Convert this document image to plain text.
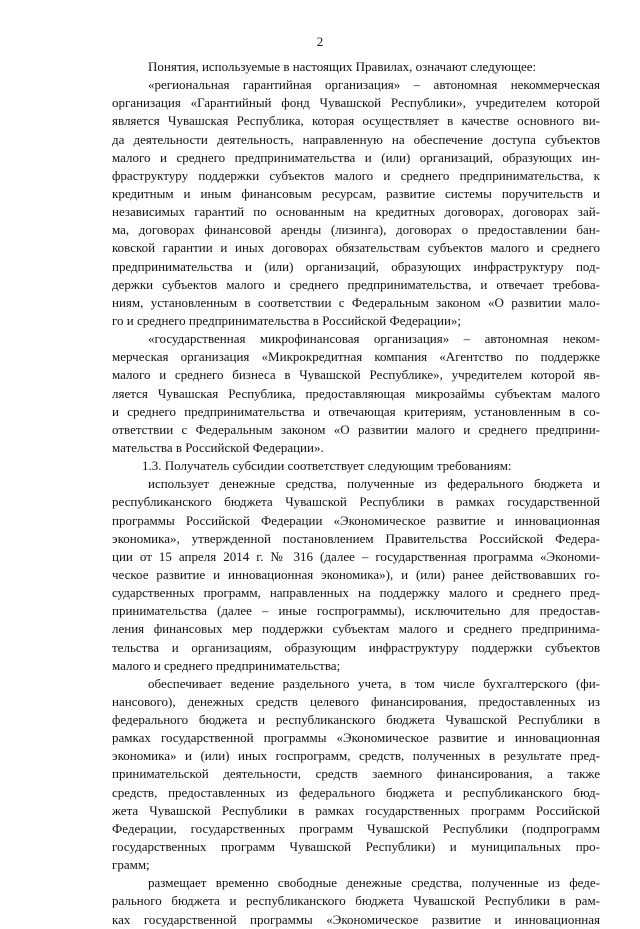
2
Понятия, используемые в настоящих Правилах, означают следующее:
«региональная гарантийная организация» – автономная некоммерческая
организация «Гарантийный фонд Чувашской Республики», учредителем которой
является Чувашская Республика, которая осуществляет в качестве основного ви-
да деятельности деятельность, направленную на обеспечение доступа субъектов
малого и среднего предпринимательства и (или) организаций, образующих ин-
фраструктуру поддержки субъектов малого и среднего предпринимательства, к
кредитным и иным финансовым ресурсам, развитие системы поручительств и
независимых гарантий по основанным на кредитных договорах, договорах зай-
ма, договорах финансовой аренды (лизинга), договорах о предоставлении бан-
ковской гарантии и иных договорах обязательствам субъектов малого и среднего
предпринимательства и (или) организаций, образующих инфраструктуру под-
держки субъектов малого и среднего предпринимательства, и отвечает требова-
ниям, установленным в соответствии с Федеральным законом «О развитии мало-
го и среднего предпринимательства в Российской Федерации»;
«государственная микрофинансовая организация» – автономная неком-
мерческая организация «Микрокредитная компания «Агентство по поддержке
малого и среднего бизнеса в Чувашской Республике», учредителем которой яв-
ляется Чувашская Республика, предоставляющая микрозаймы субъектам малого
и среднего предпринимательства и отвечающая критериям, установленным в со-
ответствии с Федеральным законом «О развитии малого и среднего предприни-
мательства в Российской Федерации».
1.3. Получатель субсидии соответствует следующим требованиям:
использует денежные средства, полученные из федерального бюджета и
республиканского бюджета Чувашской Республики в рамках государственной
программы Российской Федерации «Экономическое развитие и инновационная
экономика», утвержденной постановлением Правительства Российской Федера-
ции от 15 апреля 2014 г. № 316 (далее – государственная программа «Экономи-
ческое развитие и инновационная экономика»), и (или) ранее действовавших го-
сударственных программ, направленных на поддержку малого и среднего пред-
принимательства (далее – иные госпрограммы), исключительно для предостав-
ления финансовых мер поддержки субъектам малого и среднего предпринима-
тельства и организациям, образующим инфраструктуру поддержки субъектов
малого и среднего предпринимательства;
обеспечивает ведение раздельного учета, в том числе бухгалтерского (фи-
нансового), денежных средств целевого финансирования, предоставленных из
федерального бюджета и республиканского бюджета Чувашской Республики в
рамках государственной программы «Экономическое развитие и инновационная
экономика» и (или) иных госпрограмм, средств, полученных в результате пред-
принимательской деятельности, средств заемного финансирования, а также
средств, предоставленных из федерального бюджета и республиканского бюд-
жета Чувашской Республики в рамках государственных программ Российской
Федерации, государственных программ Чувашской Республики (подпрограмм
государственных программ Чувашской Республики) и муниципальных про-
грамм;
размещает временно свободные денежные средства, полученные из феде-
рального бюджета и республиканского бюджета Чувашской Республики в рам-
ках государственной программы «Экономическое развитие и инновационная
